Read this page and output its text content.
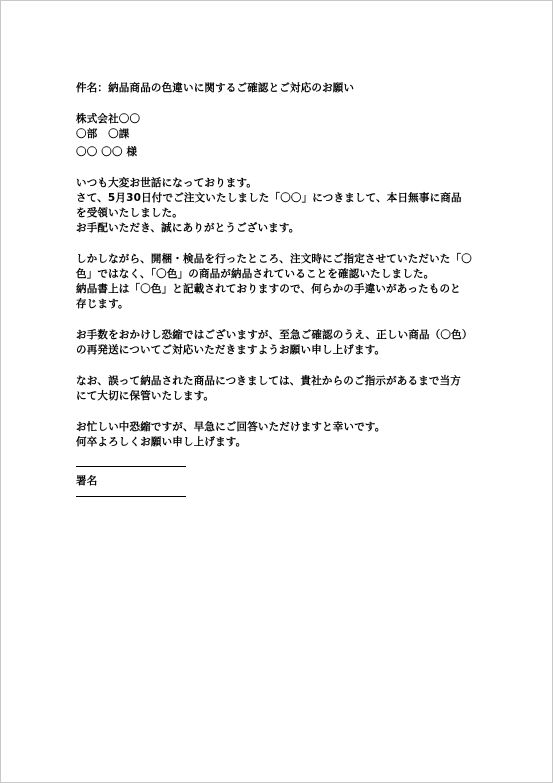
件名：納品商品の色違いに関するご確認とご対応のお願い
株式会社〇〇
〇部　〇課
〇〇 〇〇 様
いつも大変お世話になっております。
さて、5月30日付でご注文いたしました「〇〇」につきまして、本日無事に商品
を受領いたしました。
お手配いただき、誠にありがとうございます。
しかしながら、開梱・検品を行ったところ、注文時にご指定させていただいた「〇
色」ではなく、「〇色」の商品が納品されていることを確認いたしました。
納品書上は「〇色」と記載されておりますので、何らかの手違いがあったものと
存じます。
お手数をおかけし恐縮ではございますが、至急ご確認のうえ、正しい商品（〇色）
の再発送についてご対応いただきますようお願い申し上げます。
なお、誤って納品された商品につきましては、貴社からのご指示があるまで当方
にて大切に保管いたします。
お忙しい中恐縮ですが、早急にご回答いただけますと幸いです。
何卒よろしくお願い申し上げます。
署名
